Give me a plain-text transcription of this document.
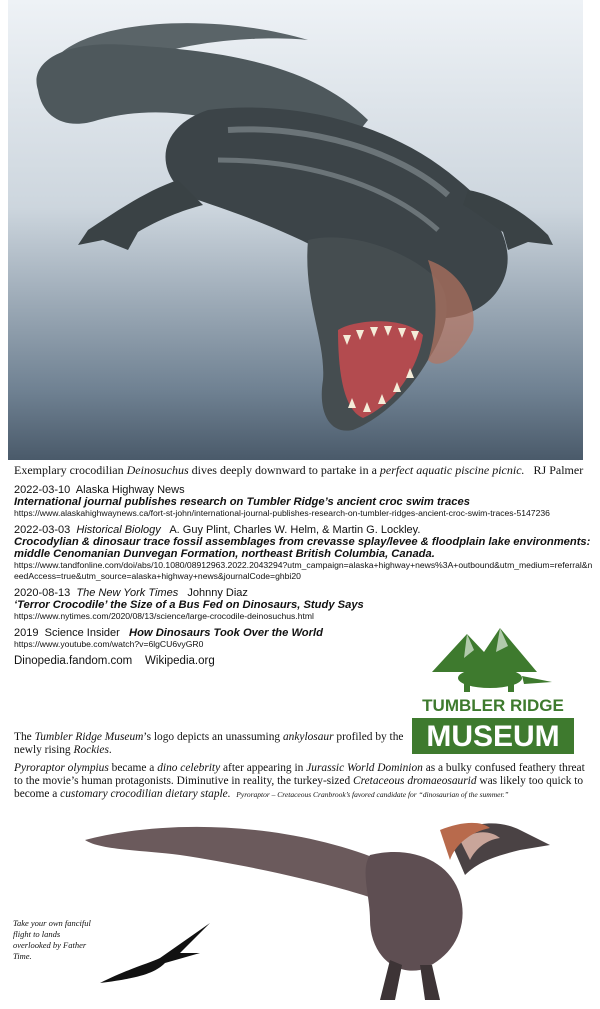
Exemplary crocodilian Deinosuchus dives deeply downward to partake in a perfect aquatic piscine picnic. RJ Palmer
2022-03-10 Alaska Highway News
International journal publishes research on Tumbler Ridge’s ancient croc swim traces
https://www.alaskahighwaynews.ca/fort-st-john/international-journal-publishes-research-on-tumbler-ridges-ancient-croc-swim-traces-5147236
2022-03-03 Historical Biology A. Guy Plint, Charles W. Helm, & Martin G. Lockley.
Crocodylian & dinosaur trace fossil assemblages from crevasse splay/levee & floodplain lake environments: middle Cenomanian Dunvegan Formation, northeast British Columbia, Canada.
https://www.tandfonline.com/doi/abs/10.1080/08912963.2022.2043294?utm_campaign=alaska+highway+news%3A+outbound&utm_medium=referral&needAccess=true&utm_source=alaska+highway+news&journalCode=ghbi20
2020-08-13 The New York Times Johnny Diaz
‘Terror Crocodile’ the Size of a Bus Fed on Dinosaurs, Study Says
https://www.nytimes.com/2020/08/13/science/large-crocodile-deinosuchus.html
2019 Science Insider How Dinosaurs Took Over the World
https://www.youtube.com/watch?v=6lgCU6vyGR0
Dinopedia.fandom.com Wikipedia.org
TUMBLER RIDGE
MUSEUM
The Tumbler Ridge Museum’s logo depicts an unassuming ankylosaur profiled by the newly rising Rockies.
Pyroraptor olympius became a dino celebrity after appearing in Jurassic World Dominion as a bulky confused feathery threat to the movie’s human protagonists. Diminutive in reality, the turkey-sized Cretaceous dromaeosaurid was likely too quick to become a customary crocodilian dietary staple. Pyroraptor – Cretaceous Cranbrook’s favored candidate for “dinosaurian of the summer.”
Take your own fanciful flight to lands overlooked by Father Time.
